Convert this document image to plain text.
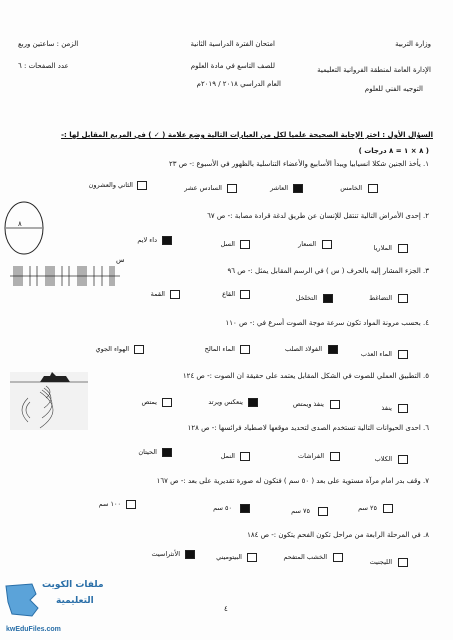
وزارة التربية
الإدارة العامة لمنطقة الفروانية التعليمية
التوجيه الفني للعلوم
امتحان الفترة الدراسية الثانية
للصف التاسع في مادة العلوم
العام الدراسي ٢٠١٨ / ٢٠١٩م
الزمن : ساعتين وربع
عدد الصفحات : ٦
السؤال الأول : اختر الإجابة الصحيحة علميا لكل من العبارات التالية وضع علامة ( ✓ ) في المربع المقابل لها :-
( ٨ × ١ = ٨ درجات )
١. يأخذ الجنين شكلا انسيابيا ويبدأ الأسابيع والأعضاء التناسلية بالظهور في الأسبوع :- ص ٢٣
الخامس
العاشر
السادس عشر
الثاني والعشرون
٢. إحدى الأمراض التالية تنتقل للإنسان عن طريق لدغة قرادة مصابة :- ص ٦٧
الملاريا
السعار
السل
داء لايم
٣. الجزء المشار إليه بالحرف ( س ) في الرسم المقابل يمثل :- ص ٩٦
التضاغط
التخلخل
القاع
القمة
٤. بحسب مرونة المواد تكون سرعة موجة الصوت أسرع في :- ص ١١٠
الماء العذب
الفولاذ الصلب
الماء المالح
الهواء الجوي
٥. التطبيق العملي للصوت في الشكل المقابل يعتمد على حقيقة ان الصوت :- ص ١٢٤
ينفذ
ينفذ ويمتص
ينعكس ويرتد
يمتص
٦. احدى الحيوانات التالية تستخدم الصدى لتحديد موقعها لاصطياد فرائسها :- ص ١٢٨
الكلاب
الفراشات
النمل
الحيتان
٧. وقف بدر امام مرآة مستوية على بعد ( ٥٠ سم ) فتكون له صورة تقديرية على بعد :- ص ١٦٧
٢٥ سم
٥٠ سم	٧٥ سم
١٠٠ سم
٨. في المرحلة الرابعة من مراحل تكون الفحم يتكون :- ص ١٨٤
الليجنيت
الخشب المتفحم
البيتوميني
الأنثراسيت
٨
س
٤
ملفات الكويت
التعليمية
kwEduFiles.com
